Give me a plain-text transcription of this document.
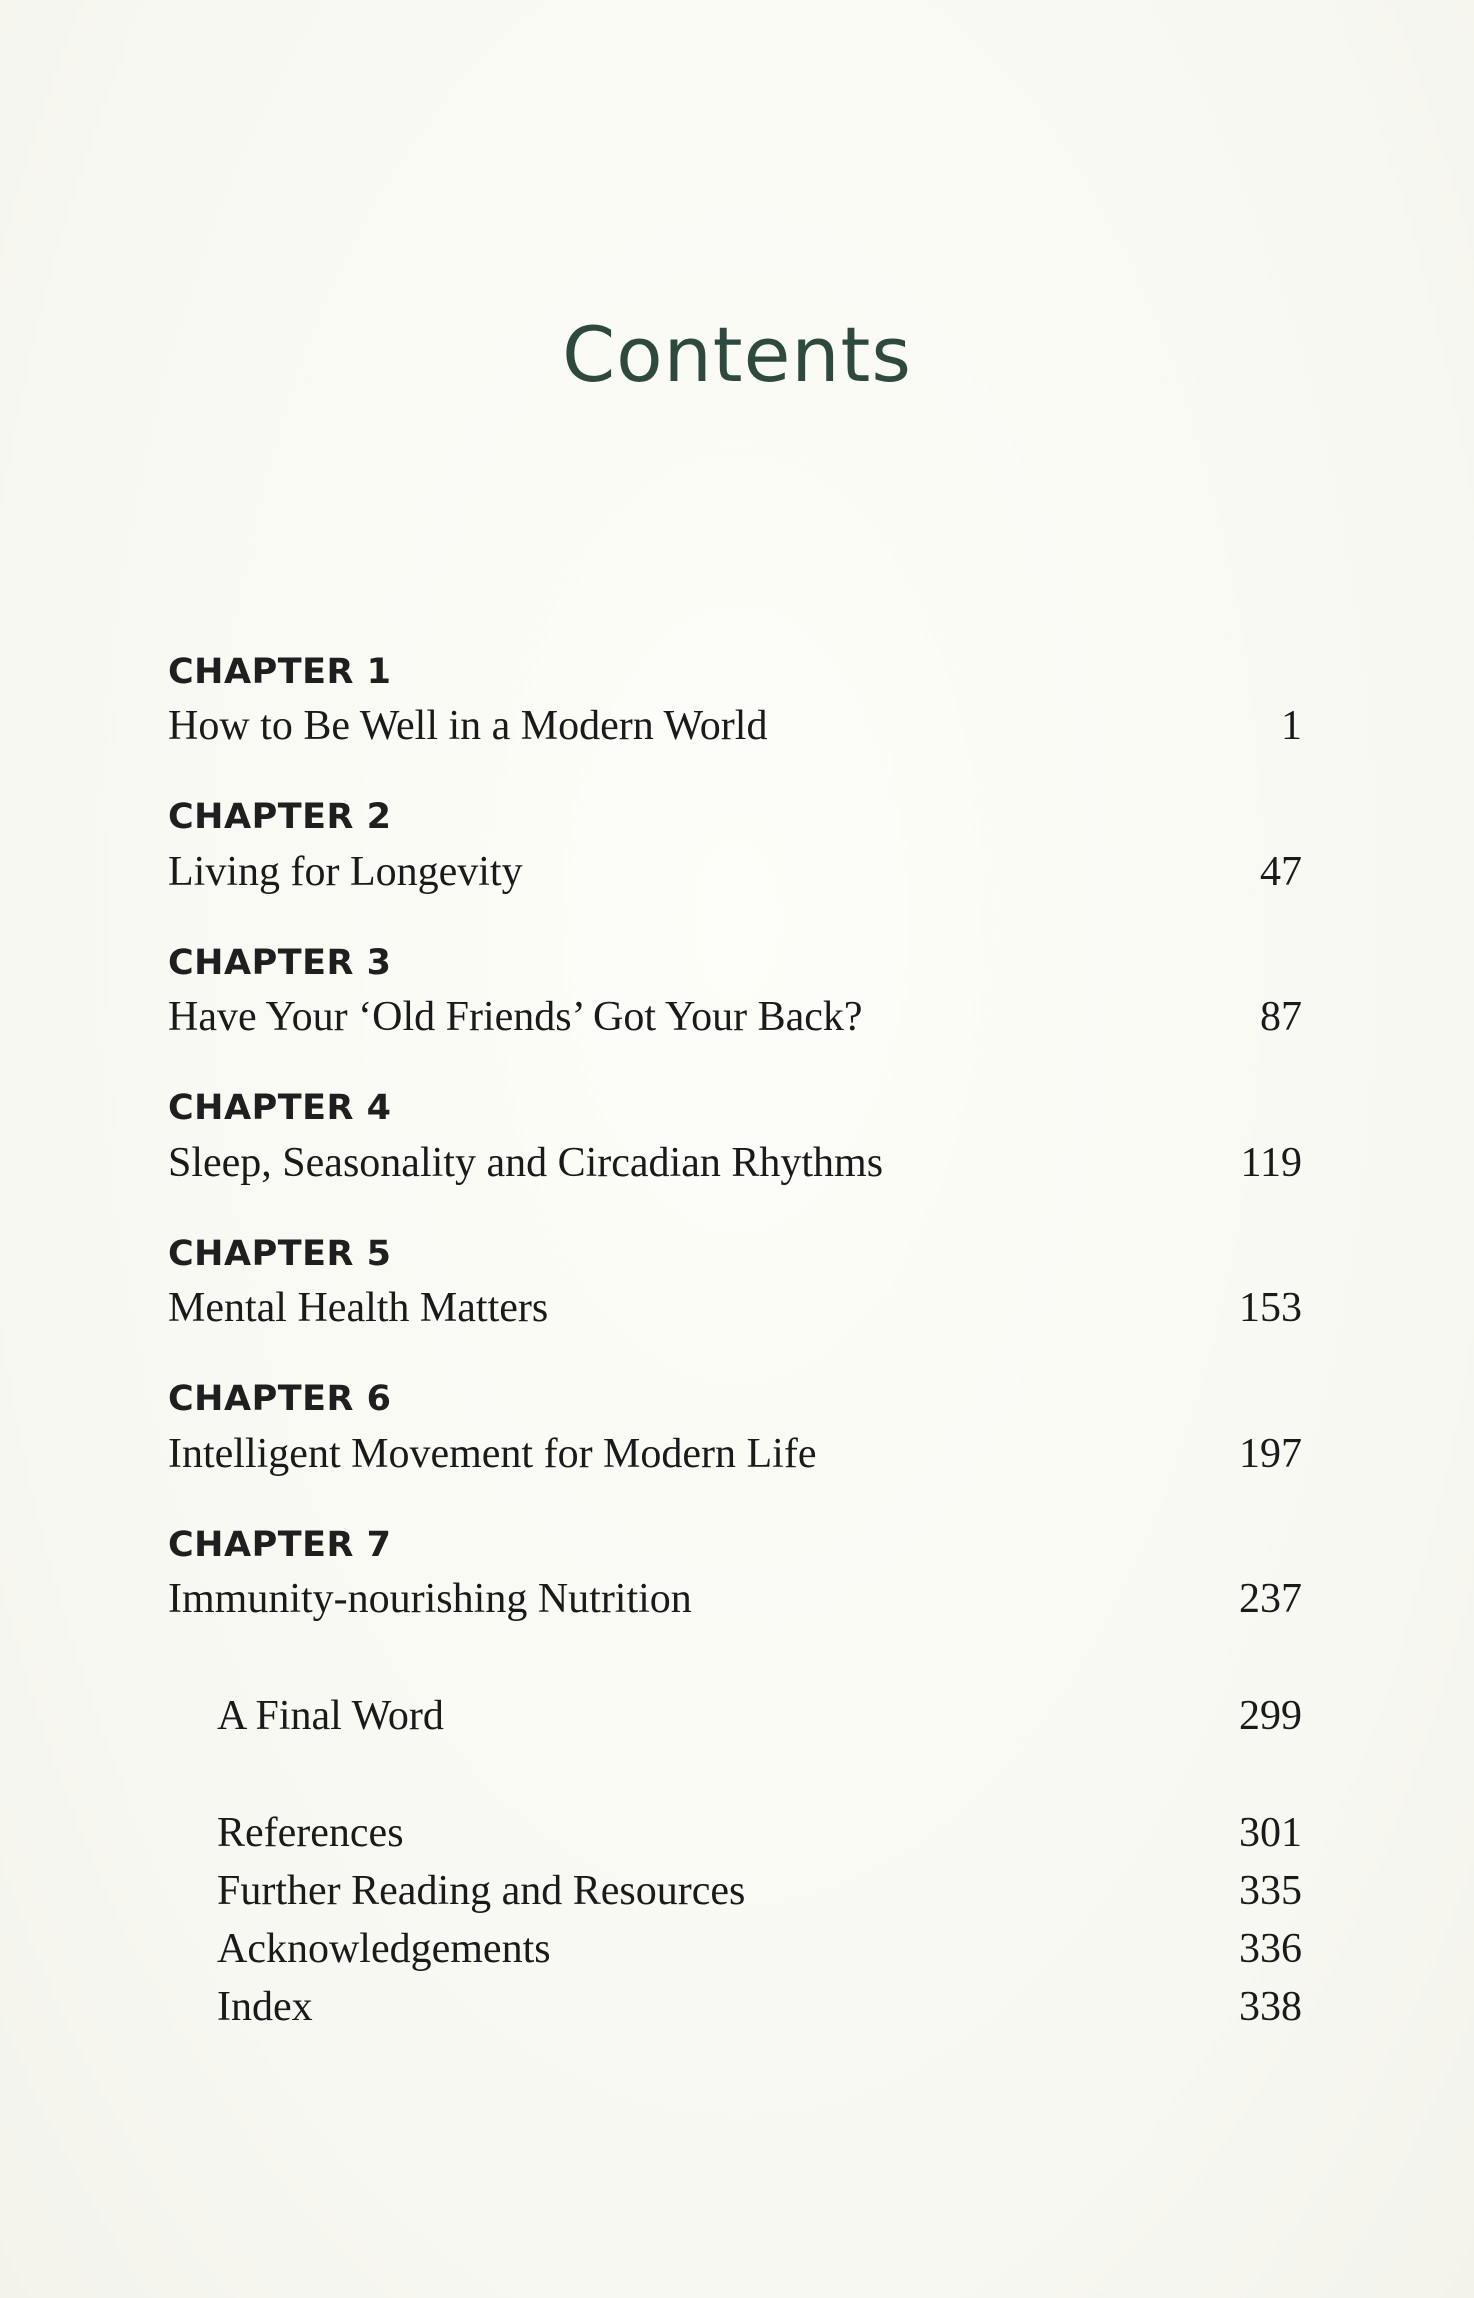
Contents
CHAPTER 1
How to Be Well in a Modern World	1
CHAPTER 2
Living for Longevity	47
CHAPTER 3
Have Your ‘Old Friends’ Got Your Back?	87
CHAPTER 4
Sleep, Seasonality and Circadian Rhythms	119
CHAPTER 5
Mental Health Matters	153
CHAPTER 6
Intelligent Movement for Modern Life	197
CHAPTER 7
Immunity-nourishing Nutrition	237
A Final Word	299
References	301
Further Reading and Resources	335
Acknowledgements	336
Index	338
